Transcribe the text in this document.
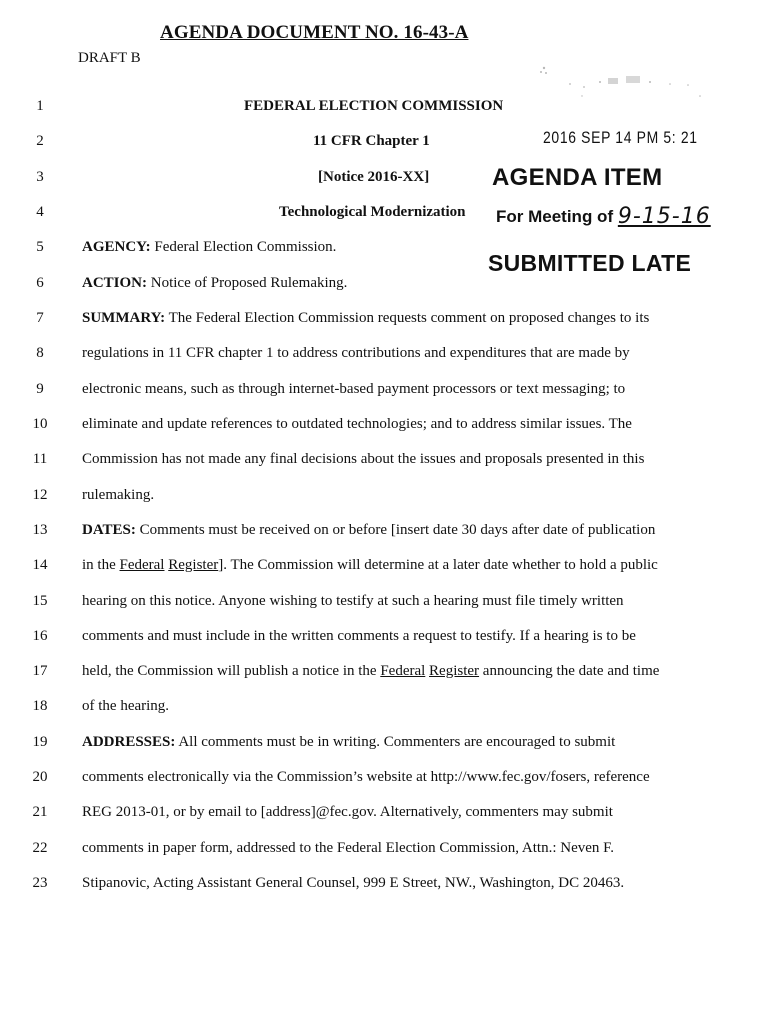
AGENDA DOCUMENT NO. 16-43-A
DRAFT B
2016 SEP 14 PM 5: 21
AGENDA ITEM
For Meeting of 9-15-16
SUBMITTED LATE
1
2
3
4
5
6
7
8
9
10
11
12
13
14
15
16
17
18
19
20
21
22
23
FEDERAL ELECTION COMMISSION
11 CFR Chapter 1
[Notice 2016-XX]
Technological Modernization
AGENCY: Federal Election Commission.
ACTION: Notice of Proposed Rulemaking.
SUMMARY: The Federal Election Commission requests comment on proposed changes to its
regulations in 11 CFR chapter 1 to address contributions and expenditures that are made by
electronic means, such as through internet-based payment processors or text messaging; to
eliminate and update references to outdated technologies; and to address similar issues. The
Commission has not made any final decisions about the issues and proposals presented in this
rulemaking.
DATES: Comments must be received on or before [insert date 30 days after date of publication
in the Federal Register]. The Commission will determine at a later date whether to hold a public
hearing on this notice. Anyone wishing to testify at such a hearing must file timely written
comments and must include in the written comments a request to testify. If a hearing is to be
held, the Commission will publish a notice in the Federal Register announcing the date and time
of the hearing.
ADDRESSES: All comments must be in writing. Commenters are encouraged to submit
comments electronically via the Commission’s website at http://www.fec.gov/fosers, reference
REG 2013-01, or by email to [address]@fec.gov. Alternatively, commenters may submit
comments in paper form, addressed to the Federal Election Commission, Attn.: Neven F.
Stipanovic, Acting Assistant General Counsel, 999 E Street, NW., Washington, DC 20463.
